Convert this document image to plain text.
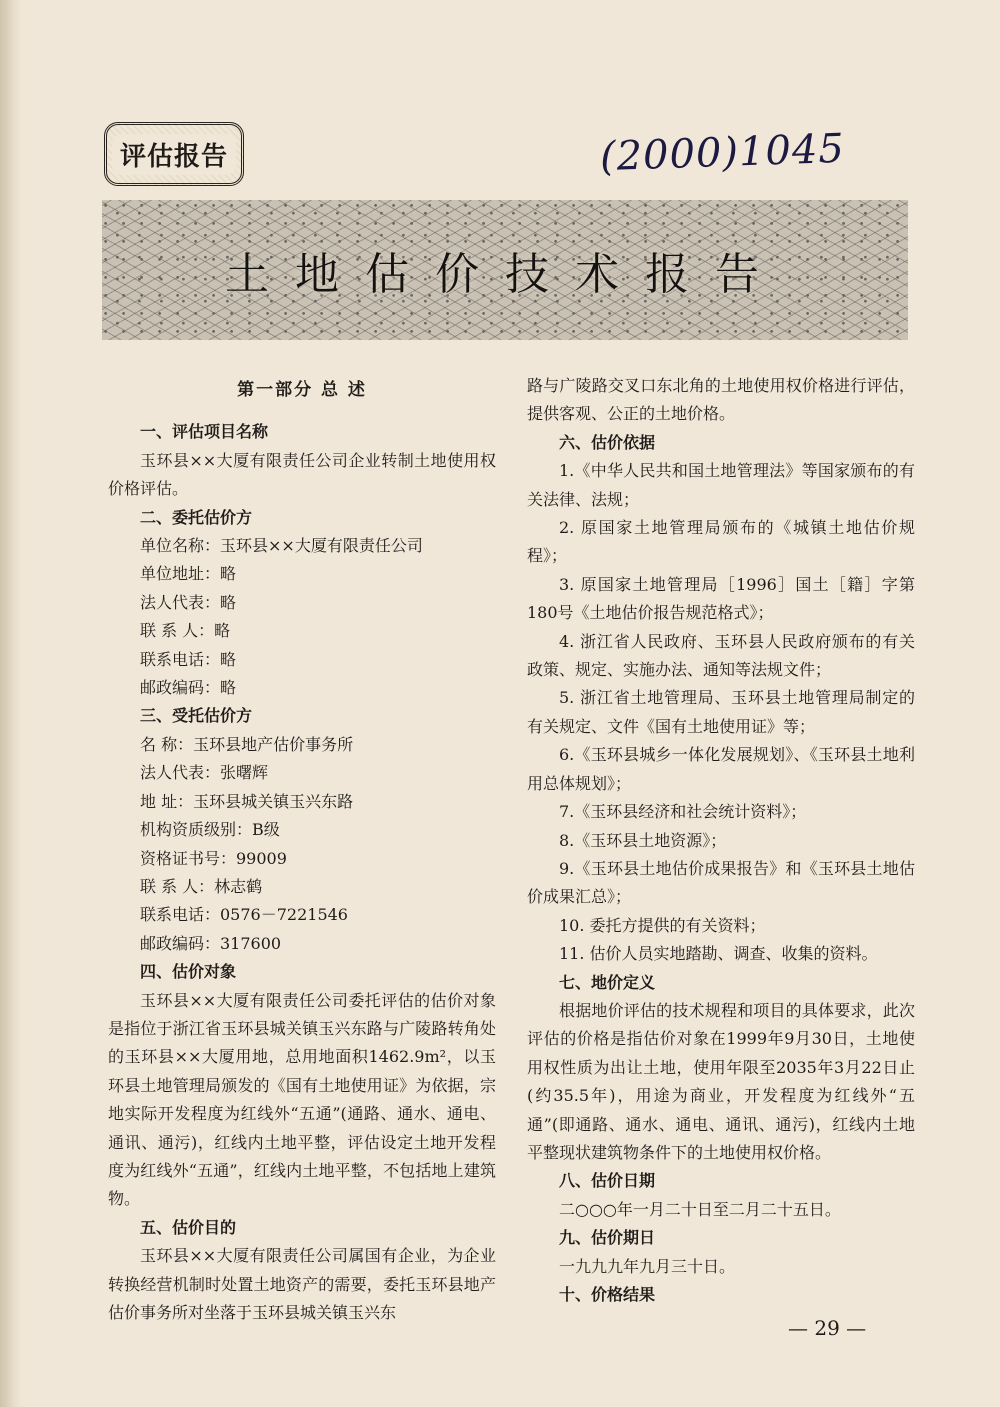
评估报告	(2000)1045
土地估价技术报告

第一部分 总 述

一、评估项目名称

玉环县××大厦有限责任公司企业转制土地使用权价格评估。

二、委托估价方

单位名称：玉环县××大厦有限责任公司

单位地址：略

法人代表：略

联 系 人：略

联系电话：略

邮政编码：略

三、受托估价方

名 称：玉环县地产估价事务所

法人代表：张曙辉

地 址：玉环县城关镇玉兴东路

机构资质级别：B级

资格证书号：99009

联 系 人：林志鹤

联系电话：0576－7221546

邮政编码：317600

四、估价对象

玉环县××大厦有限责任公司委托评估的估价对象是指位于浙江省玉环县城关镇玉兴东路与广陵路转角处的玉环县××大厦用地，总用地面积1462.9m²，以玉环县土地管理局颁发的《国有土地使用证》为依据，宗地实际开发程度为红线外“五通”(通路、通水、通电、通讯、通污)，红线内土地平整，评估设定土地开发程度为红线外“五通”，红线内土地平整，不包括地上建筑物。

五、估价目的

玉环县××大厦有限责任公司属国有企业，为企业转换经营机制时处置土地资产的需要，委托玉环县地产估价事务所对坐落于玉环县城关镇玉兴东

路与广陵路交叉口东北角的土地使用权价格进行评估，提供客观、公正的土地价格。

六、估价依据

1.《中华人民共和国土地管理法》等国家颁布的有关法律、法规；

2. 原国家土地管理局颁布的《城镇土地估价规程》；

3. 原国家土地管理局［1996］国土［籍］字第180号《土地估价报告规范格式》；

4. 浙江省人民政府、玉环县人民政府颁布的有关政策、规定、实施办法、通知等法规文件；

5. 浙江省土地管理局、玉环县土地管理局制定的有关规定、文件《国有土地使用证》等；

6.《玉环县城乡一体化发展规划》、《玉环县土地利用总体规划》；

7.《玉环县经济和社会统计资料》；

8.《玉环县土地资源》；

9.《玉环县土地估价成果报告》和《玉环县土地估价成果汇总》；

10. 委托方提供的有关资料；

11. 估价人员实地踏勘、调查、收集的资料。

七、地价定义

根据地价评估的技术规程和项目的具体要求，此次评估的价格是指估价对象在1999年9月30日，土地使用权性质为出让土地，使用年限至2035年3月22日止(约35.5年)，用途为商业，开发程度为红线外“五通”(即通路、通水、通电、通讯、通污)，红线内土地平整现状建筑物条件下的土地使用权价格。

八、估价日期

二○○○年一月二十日至二月二十五日。

九、估价期日

一九九九年九月三十日。

十、价格结果

— 29 —
